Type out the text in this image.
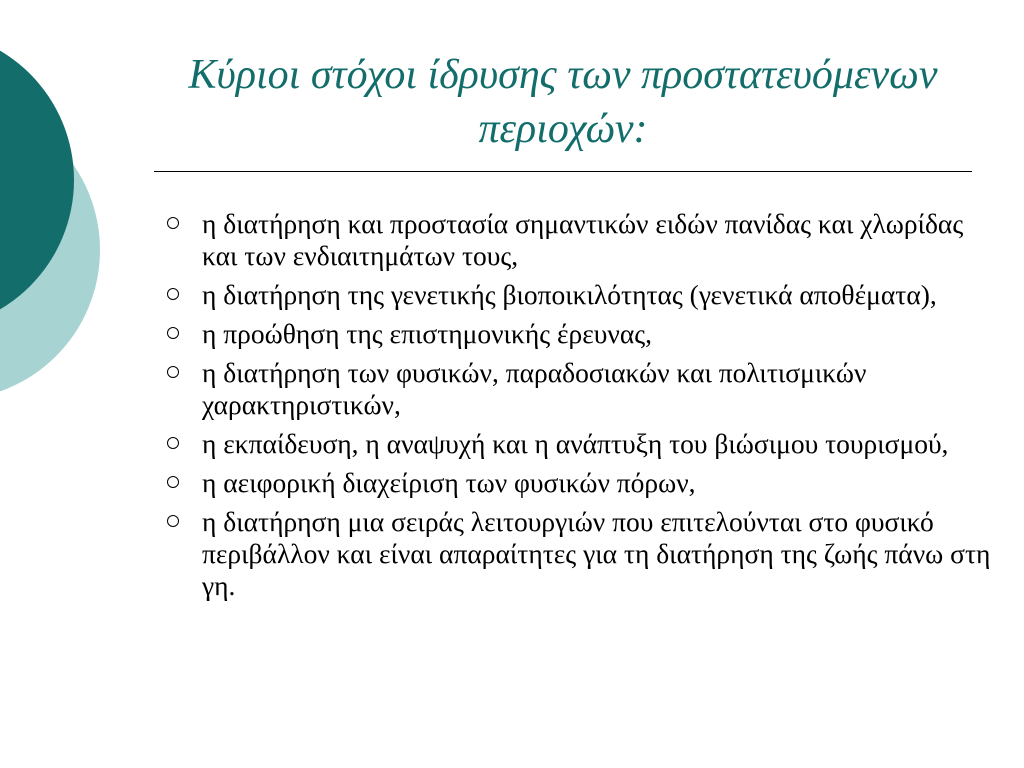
Κύριοι στόχοι ίδρυσης των προστατευόμενων περιοχών:
η διατήρηση και προστασία σημαντικών ειδών πανίδας και χλωρίδας και των ενδιαιτημάτων τους,
η διατήρηση της γενετικής βιοποικιλότητας (γενετικά αποθέματα),
η προώθηση της επιστημονικής έρευνας,
η διατήρηση των φυσικών, παραδοσιακών και πολιτισμικών χαρακτηριστικών,
η εκπαίδευση, η αναψυχή και η ανάπτυξη του βιώσιμου τουρισμού,
η αειφορική διαχείριση των φυσικών πόρων,
η διατήρηση μια σειράς λειτουργιών που επιτελούνται στο φυσικό περιβάλλον και είναι απαραίτητες για τη διατήρηση της ζωής πάνω στη γη.
